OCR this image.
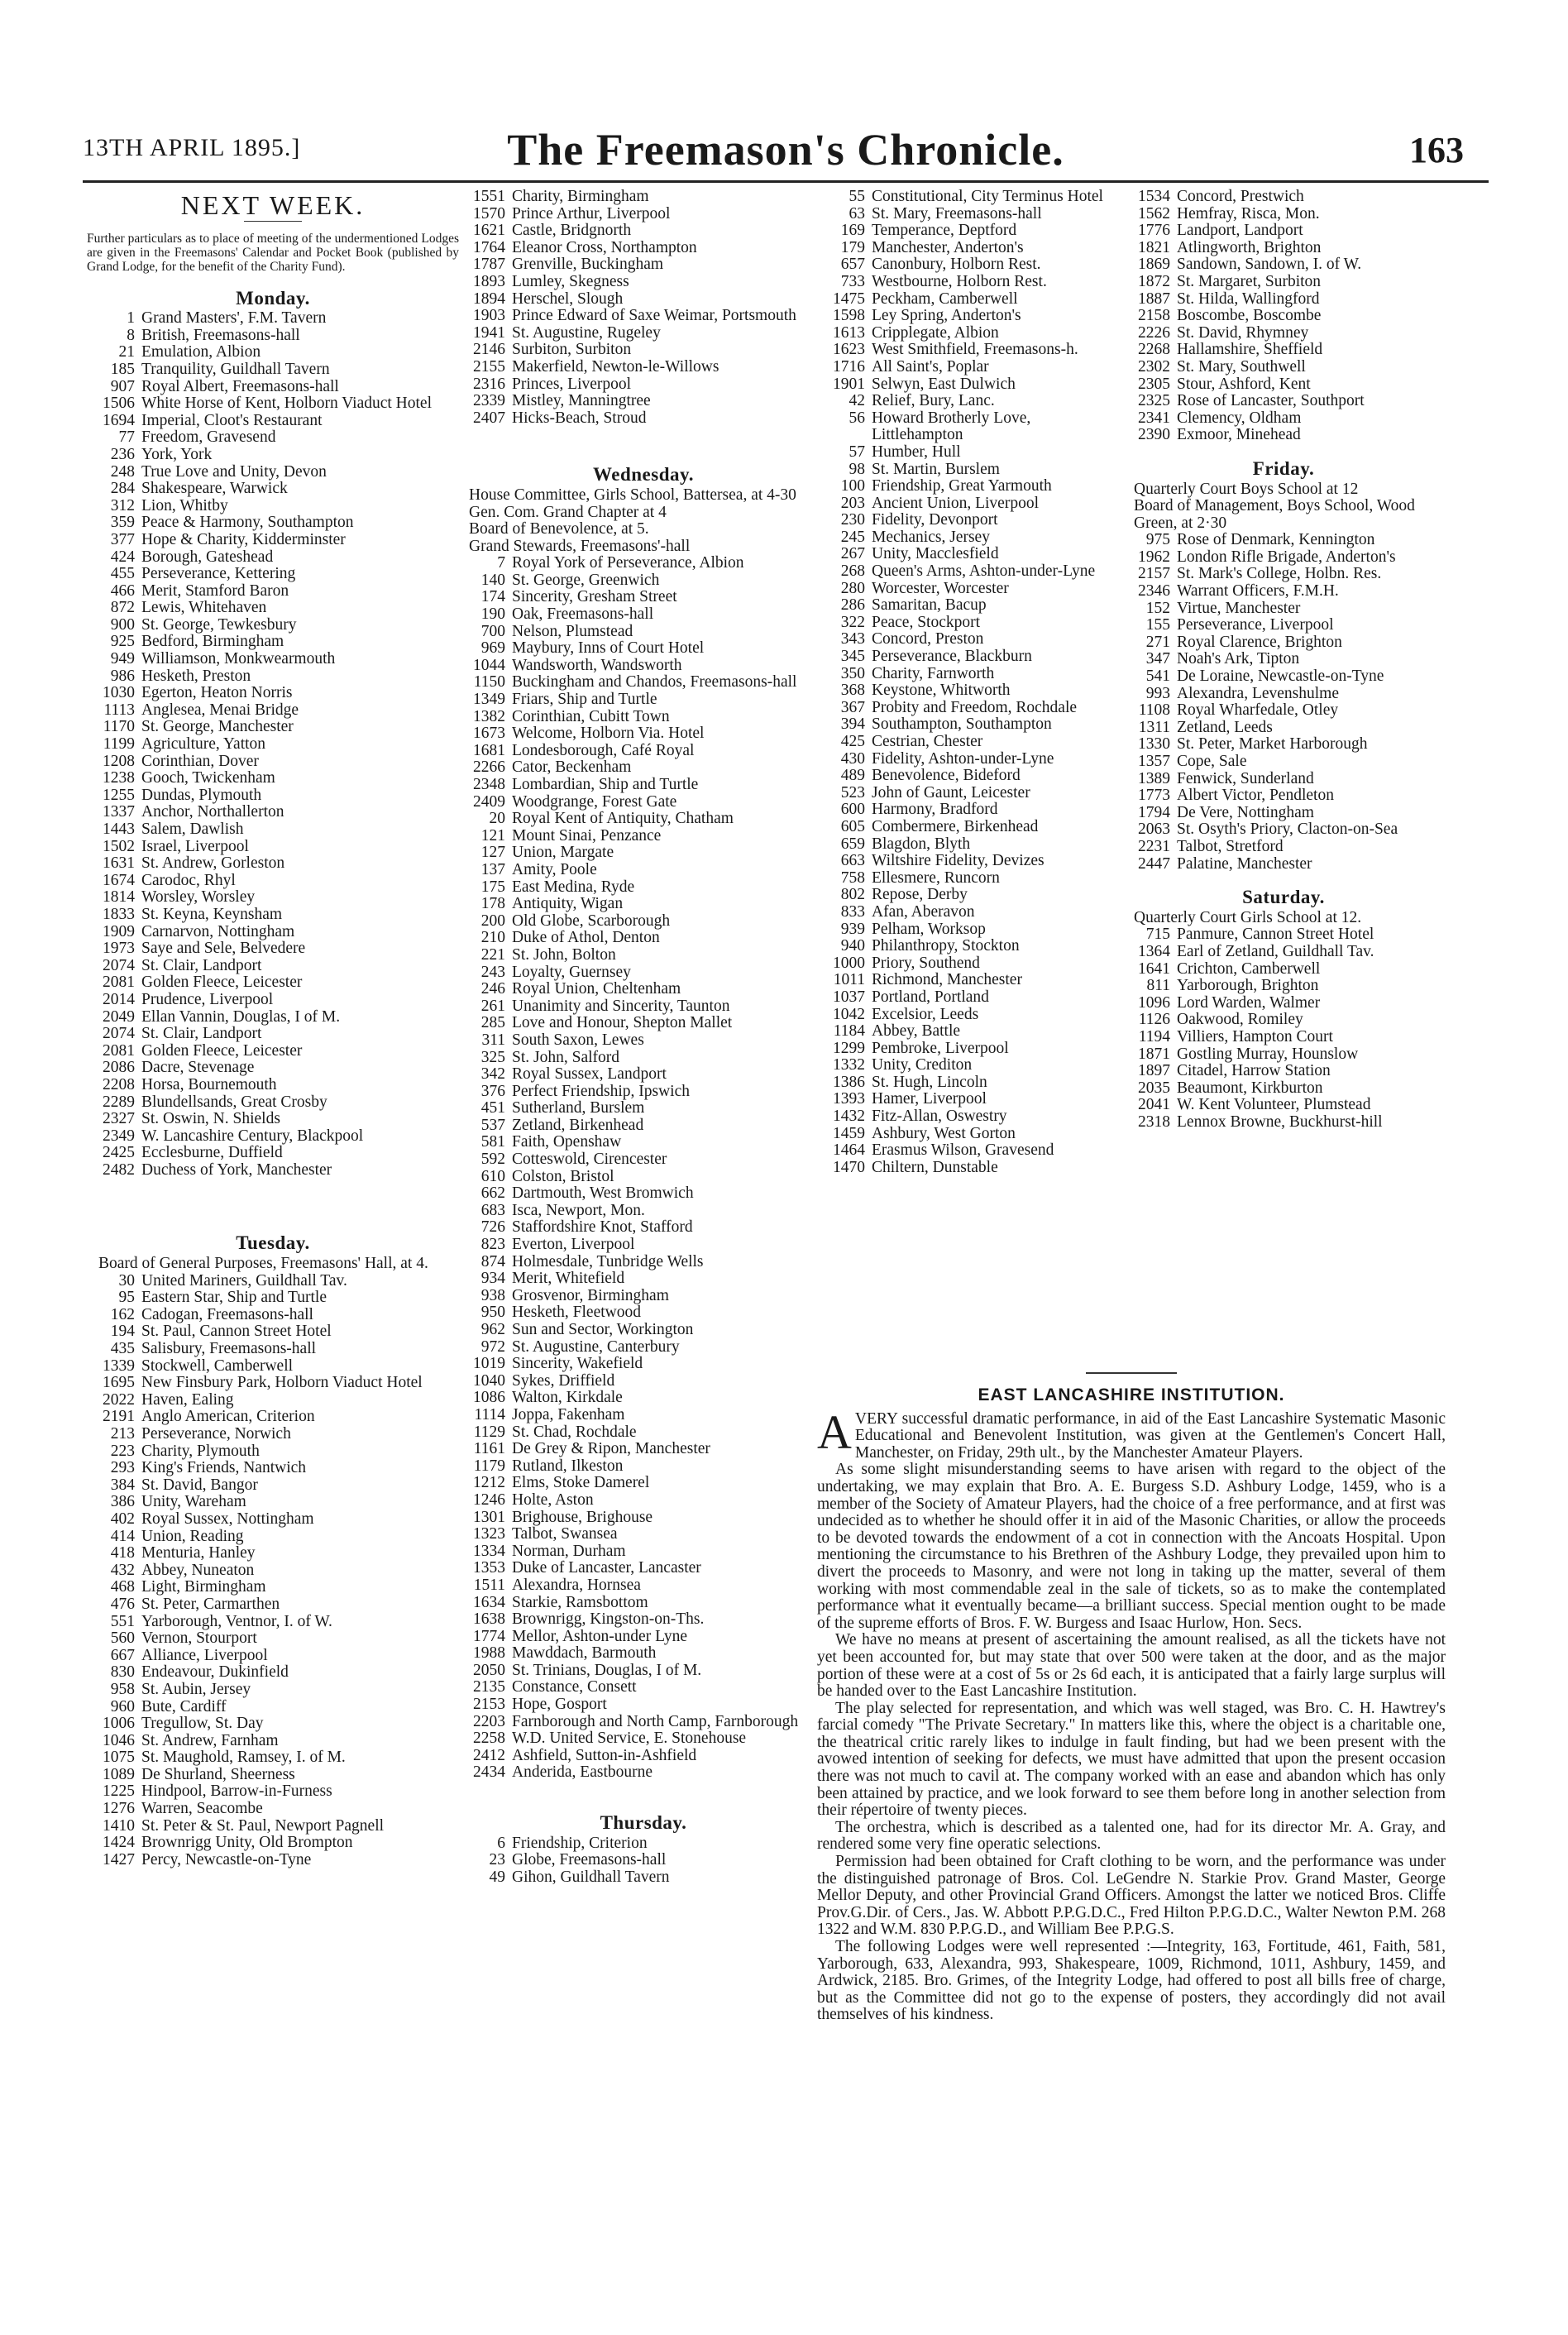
13TH APRIL 1895.]	The Freemason's Chronicle.	163
NEXT WEEK.
Further particulars as to place of meeting of the undermentioned Lodges are given in the Freemasons' Calendar and Pocket Book (published by Grand Lodge, for the benefit of the Charity Fund).
Monday.
1 Grand Masters', F.M. Tavern
8 British, Freemasons-hall
21 Emulation, Albion
185 Tranquility, Guildhall Tavern
907 Royal Albert, Freemasons-hall
1506 White Horse of Kent, Holborn Viaduct Hotel
1694 Imperial, Cloot's Restaurant
77 Freedom, Gravesend
236 York, York
248 True Love and Unity, Devon
284 Shakespeare, Warwick
312 Lion, Whitby
359 Peace & Harmony, Southampton
377 Hope & Charity, Kidderminster
424 Borough, Gateshead
455 Perseverance, Kettering
466 Merit, Stamford Baron
872 Lewis, Whitehaven
900 St. George, Tewkesbury
925 Bedford, Birmingham
949 Williamson, Monkwearmouth
986 Hesketh, Preston
1030 Egerton, Heaton Norris
1113 Anglesea, Menai Bridge
1170 St. George, Manchester
1199 Agriculture, Yatton
1208 Corinthian, Dover
1238 Gooch, Twickenham
1255 Dundas, Plymouth
1337 Anchor, Northallerton
1443 Salem, Dawlish
1502 Israel, Liverpool
1631 St. Andrew, Gorleston
1674 Carodoc, Rhyl
1814 Worsley, Worsley
1833 St. Keyna, Keynsham
1909 Carnarvon, Nottingham
1973 Saye and Sele, Belvedere
2074 St. Clair, Landport
2081 Golden Fleece, Leicester
2014 Prudence, Liverpool
2049 Ellan Vannin, Douglas, I of M.
2074 St. Clair, Landport
2081 Golden Fleece, Leicester
2086 Dacre, Stevenage
2208 Horsa, Bournemouth
2289 Blundellsands, Great Crosby
2327 St. Oswin, N. Shields
2349 W. Lancashire Century, Blackpool
2425 Ecclesburne, Duffield
2482 Duchess of York, Manchester
Tuesday.
Board of General Purposes, Freemasons' Hall, at 4.
30 United Mariners, Guildhall Tav.
95 Eastern Star, Ship and Turtle
162 Cadogan, Freemasons-hall
194 St. Paul, Cannon Street Hotel
435 Salisbury, Freemasons-hall
1339 Stockwell, Camberwell
1695 New Finsbury Park, Holborn Viaduct Hotel
2022 Haven, Ealing
2191 Anglo American, Criterion
213 Perseverance, Norwich
223 Charity, Plymouth
293 King's Friends, Nantwich
384 St. David, Bangor
386 Unity, Wareham
402 Royal Sussex, Nottingham
414 Union, Reading
418 Menturia, Hanley
432 Abbey, Nuneaton
468 Light, Birmingham
476 St. Peter, Carmarthen
551 Yarborough, Ventnor, I. of W.
560 Vernon, Stourport
667 Alliance, Liverpool
830 Endeavour, Dukinfield
958 St. Aubin, Jersey
960 Bute, Cardiff
1006 Tregullow, St. Day
1046 St. Andrew, Farnham
1075 St. Maughold, Ramsey, I. of M.
1089 De Shurland, Sheerness
1225 Hindpool, Barrow-in-Furness
1276 Warren, Seacombe
1410 St. Peter & St. Paul, Newport Pagnell
1424 Brownrigg Unity, Old Brompton
1427 Percy, Newcastle-on-Tyne
1551 Charity, Birmingham
1570 Prince Arthur, Liverpool
1621 Castle, Bridgnorth
1764 Eleanor Cross, Northampton
1787 Grenville, Buckingham
1893 Lumley, Skegness
1894 Herschel, Slough
1903 Prince Edward of Saxe Weimar, Portsmouth
1941 St. Augustine, Rugeley
2146 Surbiton, Surbiton
2155 Makerfield, Newton-le-Willows
2316 Princes, Liverpool
2339 Mistley, Manningtree
2407 Hicks-Beach, Stroud
Wednesday.
House Committee, Girls School, Battersea, at 4-30
Gen. Com. Grand Chapter at 4
Board of Benevolence, at 5.
Grand Stewards, Freemasons'-hall
7 Royal York of Perseverance, Albion
140 St. George, Greenwich
174 Sincerity, Gresham Street
190 Oak, Freemasons-hall
700 Nelson, Plumstead
969 Maybury, Inns of Court Hotel
1044 Wandsworth, Wandsworth
1150 Buckingham and Chandos, Freemasons-hall
1349 Friars, Ship and Turtle
1382 Corinthian, Cubitt Town
1673 Welcome, Holborn Via. Hotel
1681 Londesborough, Café Royal
2266 Cator, Beckenham
2348 Lombardian, Ship and Turtle
2409 Woodgrange, Forest Gate
20 Royal Kent of Antiquity, Chatham
121 Mount Sinai, Penzance
127 Union, Margate
137 Amity, Poole
175 East Medina, Ryde
178 Antiquity, Wigan
200 Old Globe, Scarborough
210 Duke of Athol, Denton
221 St. John, Bolton
243 Loyalty, Guernsey
246 Royal Union, Cheltenham
261 Unanimity and Sincerity, Taunton
285 Love and Honour, Shepton Mallet
311 South Saxon, Lewes
325 St. John, Salford
342 Royal Sussex, Landport
376 Perfect Friendship, Ipswich
451 Sutherland, Burslem
537 Zetland, Birkenhead
581 Faith, Openshaw
592 Cotteswold, Cirencester
610 Colston, Bristol
662 Dartmouth, West Bromwich
683 Isca, Newport, Mon.
726 Staffordshire Knot, Stafford
823 Everton, Liverpool
874 Holmesdale, Tunbridge Wells
934 Merit, Whitefield
938 Grosvenor, Birmingham
950 Hesketh, Fleetwood
962 Sun and Sector, Workington
972 St. Augustine, Canterbury
1019 Sincerity, Wakefield
1040 Sykes, Driffield
1086 Walton, Kirkdale
1114 Joppa, Fakenham
1129 St. Chad, Rochdale
1161 De Grey & Ripon, Manchester
1179 Rutland, Ilkeston
1212 Elms, Stoke Damerel
1246 Holte, Aston
1301 Brighouse, Brighouse
1323 Talbot, Swansea
1334 Norman, Durham
1353 Duke of Lancaster, Lancaster
1511 Alexandra, Hornsea
1634 Starkie, Ramsbottom
1638 Brownrigg, Kingston-on-Ths.
1774 Mellor, Ashton-under Lyne
1988 Mawddach, Barmouth
2050 St. Trinians, Douglas, I of M.
2135 Constance, Consett
2153 Hope, Gosport
2203 Farnborough and North Camp, Farnborough
2258 W.D. United Service, E. Stonehouse
2412 Ashfield, Sutton-in-Ashfield
2434 Anderida, Eastbourne
Thursday.
6 Friendship, Criterion
23 Globe, Freemasons-hall
49 Gihon, Guildhall Tavern
55 Constitutional, City Terminus Hotel
63 St. Mary, Freemasons-hall
169 Temperance, Deptford
179 Manchester, Anderton's
657 Canonbury, Holborn Rest.
733 Westbourne, Holborn Rest.
1475 Peckham, Camberwell
1598 Ley Spring, Anderton's
1613 Cripplegate, Albion
1623 West Smithfield, Freemasons-h.
1716 All Saint's, Poplar
1901 Selwyn, East Dulwich
42 Relief, Bury, Lanc.
56 Howard Brotherly Love, Littlehampton
57 Humber, Hull
98 St. Martin, Burslem
100 Friendship, Great Yarmouth
203 Ancient Union, Liverpool
230 Fidelity, Devonport
245 Mechanics, Jersey
267 Unity, Macclesfield
268 Queen's Arms, Ashton-under-Lyne
280 Worcester, Worcester
286 Samaritan, Bacup
322 Peace, Stockport
343 Concord, Preston
345 Perseverance, Blackburn
350 Charity, Farnworth
368 Keystone, Whitworth
367 Probity and Freedom, Rochdale
394 Southampton, Southampton
425 Cestrian, Chester
430 Fidelity, Ashton-under-Lyne
489 Benevolence, Bideford
523 John of Gaunt, Leicester
600 Harmony, Bradford
605 Combermere, Birkenhead
659 Blagdon, Blyth
663 Wiltshire Fidelity, Devizes
758 Ellesmere, Runcorn
802 Repose, Derby
833 Afan, Aberavon
939 Pelham, Worksop
940 Philanthropy, Stockton
1000 Priory, Southend
1011 Richmond, Manchester
1037 Portland, Portland
1042 Excelsior, Leeds
1184 Abbey, Battle
1299 Pembroke, Liverpool
1332 Unity, Crediton
1386 St. Hugh, Lincoln
1393 Hamer, Liverpool
1432 Fitz-Allan, Oswestry
1459 Ashbury, West Gorton
1464 Erasmus Wilson, Gravesend
1470 Chiltern, Dunstable
1534 Concord, Prestwich
1562 Hemfray, Risca, Mon.
1776 Landport, Landport
1821 Atlingworth, Brighton
1869 Sandown, Sandown, I. of W.
1872 St. Margaret, Surbiton
1887 St. Hilda, Wallingford
2158 Boscombe, Boscombe
2226 St. David, Rhymney
2268 Hallamshire, Sheffield
2302 St. Mary, Southwell
2305 Stour, Ashford, Kent
2325 Rose of Lancaster, Southport
2341 Clemency, Oldham
2390 Exmoor, Minehead
Friday.
Quarterly Court Boys School at 12
Board of Management, Boys School, Wood Green, at 2·30
975 Rose of Denmark, Kennington
1962 London Rifle Brigade, Anderton's
2157 St. Mark's College, Holbn. Res.
2346 Warrant Officers, F.M.H.
152 Virtue, Manchester
155 Perseverance, Liverpool
271 Royal Clarence, Brighton
347 Noah's Ark, Tipton
541 De Loraine, Newcastle-on-Tyne
993 Alexandra, Levenshulme
1108 Royal Wharfedale, Otley
1311 Zetland, Leeds
1330 St. Peter, Market Harborough
1357 Cope, Sale
1389 Fenwick, Sunderland
1773 Albert Victor, Pendleton
1794 De Vere, Nottingham
2063 St. Osyth's Priory, Clacton-on-Sea
2231 Talbot, Stretford
2447 Palatine, Manchester
Saturday.
Quarterly Court Girls School at 12.
715 Panmure, Cannon Street Hotel
1364 Earl of Zetland, Guildhall Tav.
1641 Crichton, Camberwell
811 Yarborough, Brighton
1096 Lord Warden, Walmer
1126 Oakwood, Romiley
1194 Villiers, Hampton Court
1871 Gostling Murray, Hounslow
1897 Citadel, Harrow Station
2035 Beaumont, Kirkburton
2041 W. Kent Volunteer, Plumstead
2318 Lennox Browne, Buckhurst-hill
EAST LANCASHIRE INSTITUTION.

AVERY successful dramatic performance, in aid of the East Lancashire Systematic Masonic Educational and Benevolent Institution, was given at the Gentlemen's Concert Hall, Manchester, on Friday, 29th ult., by the Manchester Amateur Players.

As some slight misunderstanding seems to have arisen with regard to the object of the undertaking, we may explain that Bro. A. E. Burgess S.D. Ashbury Lodge, 1459, who is a member of the Society of Amateur Players, had the choice of a free performance, and at first was undecided as to whether he should offer it in aid of the Masonic Charities, or allow the proceeds to be devoted towards the endowment of a cot in connection with the Ancoats Hospital. Upon mentioning the circumstance to his Brethren of the Ashbury Lodge, they prevailed upon him to divert the proceeds to Masonry, and were not long in taking up the matter, several of them working with most commendable zeal in the sale of tickets, so as to make the contemplated performance what it eventually became—a brilliant success. Special mention ought to be made of the supreme efforts of Bros. F. W. Burgess and Isaac Hurlow, Hon. Secs.

We have no means at present of ascertaining the amount realised, as all the tickets have not yet been accounted for, but may state that over 500 were taken at the door, and as the major portion of these were at a cost of 5s or 2s 6d each, it is anticipated that a fairly large surplus will be handed over to the East Lancashire Institution.

The play selected for representation, and which was well staged, was Bro. C. H. Hawtrey's farcial comedy "The Private Secretary." In matters like this, where the object is a charitable one, the theatrical critic rarely likes to indulge in fault finding, but had we been present with the avowed intention of seeking for defects, we must have admitted that upon the present occasion there was not much to cavil at. The company worked with an ease and abandon which has only been attained by practice, and we look forward to see them before long in another selection from their répertoire of twenty pieces.

The orchestra, which is described as a talented one, had for its director Mr. A. Gray, and rendered some very fine operatic selections.

Permission had been obtained for Craft clothing to be worn, and the performance was under the distinguished patronage of Bros. Col. LeGendre N. Starkie Prov. Grand Master, George Mellor Deputy, and other Provincial Grand Officers. Amongst the latter we noticed Bros. Cliffe Prov.G.Dir. of Cers., Jas. W. Abbott P.P.G.D.C., Fred Hilton P.P.G.D.C., Walter Newton P.M. 268 1322 and W.M. 830 P.P.G.D., and William Bee P.P.G.S.

The following Lodges were well represented :—Integrity, 163, Fortitude, 461, Faith, 581, Yarborough, 633, Alexandra, 993, Shakespeare, 1009, Richmond, 1011, Ashbury, 1459, and Ardwick, 2185. Bro. Grimes, of the Integrity Lodge, had offered to post all bills free of charge, but as the Committee did not go to the expense of posters, they accordingly did not avail themselves of his kindness.
